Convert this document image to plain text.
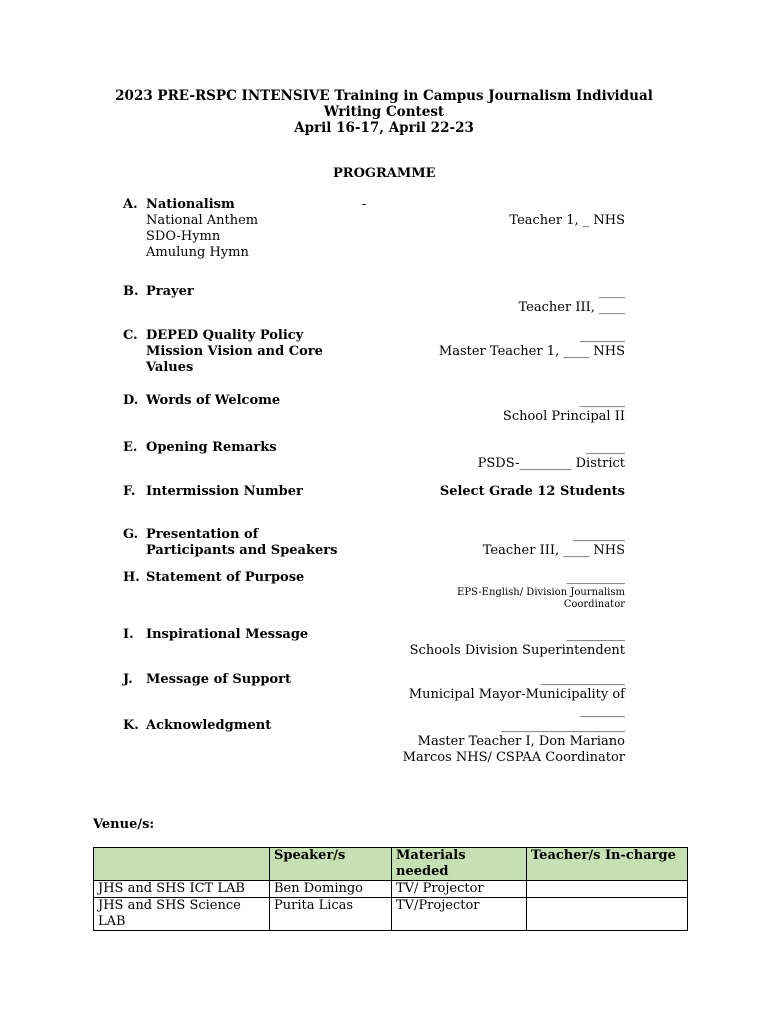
2023 PRE-RSPC INTENSIVE Training in Campus Journalism Individual
Writing Contest
April 16-17, April 22-23
PROGRAMME
A. Nationalism	-
National Anthem
SDO-Hymn
Amulung Hymn
Teacher 1, _ NHS
B. Prayer	____
Teacher III, ____
C. DEPED Quality Policy
Mission Vision and Core
Values
_______
Master Teacher 1, ____ NHS
D. Words of Welcome	_______
School Principal II
E. Opening Remarks	______
PSDS-________ District
F. Intermission Number	Select Grade 12 Students
G. Presentation of
Participants and Speakers
________
Teacher III, ____ NHS
H. Statement of Purpose	_________
EPS-English/ Division Journalism
Coordinator
I. Inspirational Message	_________
Schools Division Superintendent
J. Message of Support	_____________
Municipal Mayor-Municipality of
_______
K. Acknowledgment	___________________
Master Teacher I, Don Mariano
Marcos NHS/ CSPAA Coordinator
Venue/s:
	Speaker/s	Materials needed	Teacher/s In-charge
JHS and SHS ICT LAB	Ben Domingo	TV/ Projector	
JHS and SHS Science LAB	Purita Licas	TV/Projector	
